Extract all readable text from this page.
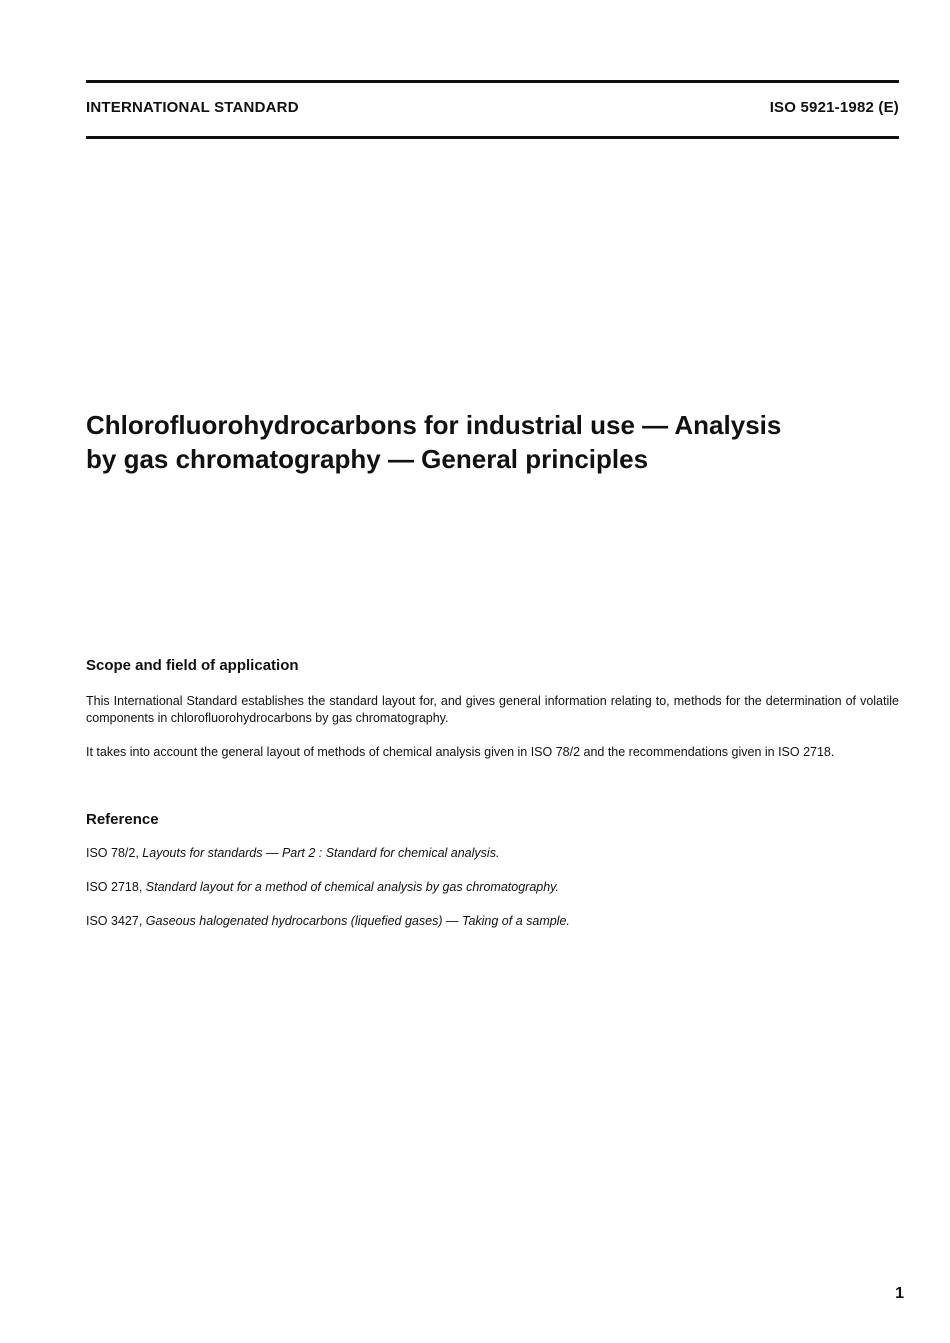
INTERNATIONAL STANDARD	ISO 5921-1982 (E)
Chlorofluorohydrocarbons for industrial use — Analysis
by gas chromatography — General principles
Scope and field of application

This International Standard establishes the standard layout for, and gives general information relating to, methods for the determination of volatile components in chlorofluorohydrocarbons by gas chromatography.

It takes into account the general layout of methods of chemical analysis given in ISO 78/2 and the recommendations given in ISO 2718.

Reference

ISO 78/2, Layouts for standards — Part 2 : Standard for chemical analysis.

ISO 2718, Standard layout for a method of chemical analysis by gas chromatography.

ISO 3427, Gaseous halogenated hydrocarbons (liquefied gases) — Taking of a sample.

1
